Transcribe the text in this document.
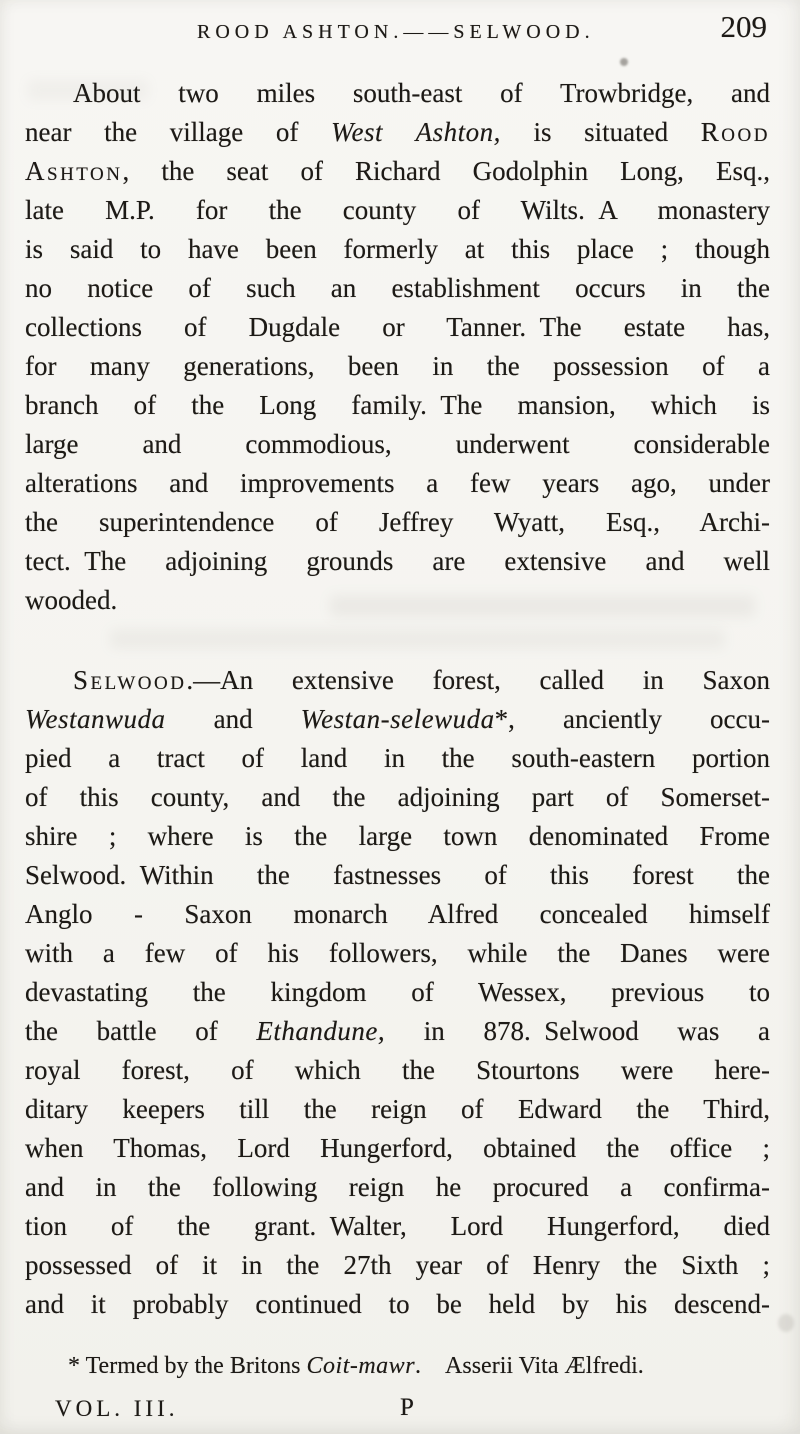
ROOD ASHTON.——SELWOOD.	209
About two miles south-east of Trowbridge, and
near the village of West Ashton, is situated Rood
Ashton, the seat of Richard Godolphin Long, Esq.,
late M.P. for the county of Wilts. A monastery
is said to have been formerly at this place ; though
no notice of such an establishment occurs in the
collections of Dugdale or Tanner. The estate has,
for many generations, been in the possession of a
branch of the Long family. The mansion, which is
large and commodious, underwent considerable
alterations and improvements a few years ago, under
the superintendence of Jeffrey Wyatt, Esq., Archi-
tect. The adjoining grounds are extensive and well
wooded.
Selwood.—An extensive forest, called in Saxon
Westanwuda and Westan-selewuda*, anciently occu-
pied a tract of land in the south-eastern portion
of this county, and the adjoining part of Somerset-
shire ; where is the large town denominated Frome
Selwood. Within the fastnesses of this forest the
Anglo - Saxon monarch Alfred concealed himself
with a few of his followers, while the Danes were
devastating the kingdom of Wessex, previous to
the battle of Ethandune, in 878. Selwood was a
royal forest, of which the Stourtons were here-
ditary keepers till the reign of Edward the Third,
when Thomas, Lord Hungerford, obtained the office ;
and in the following reign he procured a confirma-
tion of the grant. Walter, Lord Hungerford, died
possessed of it in the 27th year of Henry the Sixth ;
and it probably continued to be held by his descend-
* Termed by the Britons Coit-mawr. Asserii Vita Ælfredi.
VOL. III.	P
